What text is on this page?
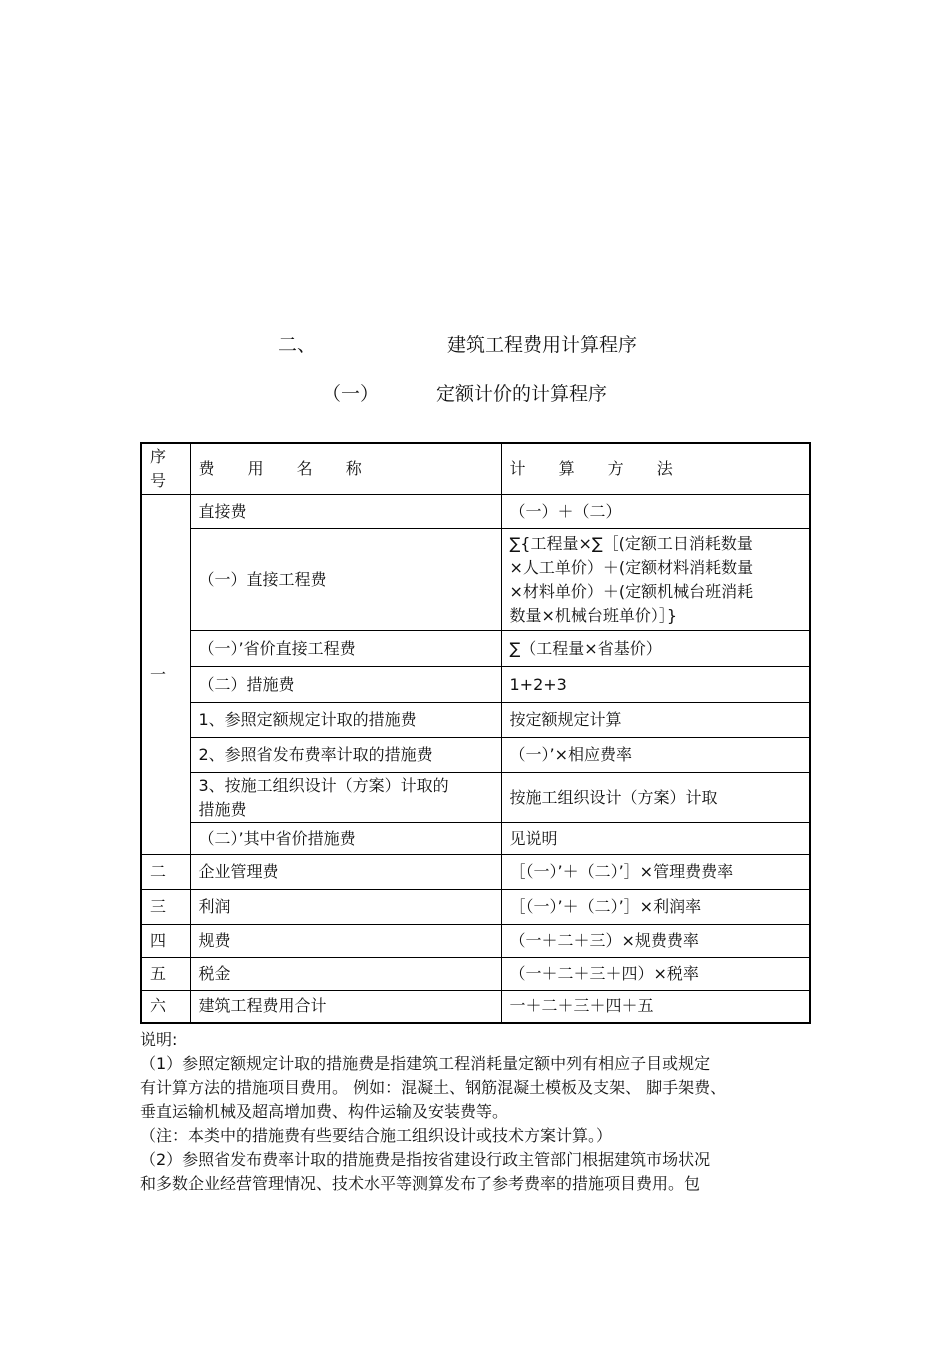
二、	建筑工程费用计算程序
（一）	定额计价的计算程序
序号	费 用 名 称	计 算 方 法
一	直接费	（一）＋（二）
	（一）直接工程费	∑{工程量×∑［(定额工日消耗数量
×人工单价）＋(定额材料消耗数量
×材料单价）＋(定额机械台班消耗
数量×机械台班单价）］}

	（一）’省价直接工程费	∑（工程量×省基价）
	（二）措施费	1+2+3
	1、参照定额规定计取的措施费	按定额规定计算
	2、参照省发布费率计取的措施费	（一）’×相应费率

	3、按施工组织设计（方案）计取的
措施费	按施工组织设计（方案）计取
	（二）’其中省价措施费	见说明
二	企业管理费	［（一）’＋（二）’］×管理费费率
三	利润	［（一）’＋（二）’］×利润率
四	规费	（一＋二＋三）×规费费率
五	税金	（一＋二＋三＋四）×税率
六	建筑工程费用合计	一＋二＋三＋四＋五
说明:
（1）参照定额规定计取的措施费是指建筑工程消耗量定额中列有相应子目或规定
有计算方法的措施项目费用。 例如：混凝土、钢筋混凝土模板及支架、 脚手架费、
垂直运输机械及超高增加费、构件运输及安装费等。
（注：本类中的措施费有些要结合施工组织设计或技术方案计算。）
（2）参照省发布费率计取的措施费是指按省建设行政主管部门根据建筑市场状况
和多数企业经营管理情况、技术水平等测算发布了参考费率的措施项目费用。包
